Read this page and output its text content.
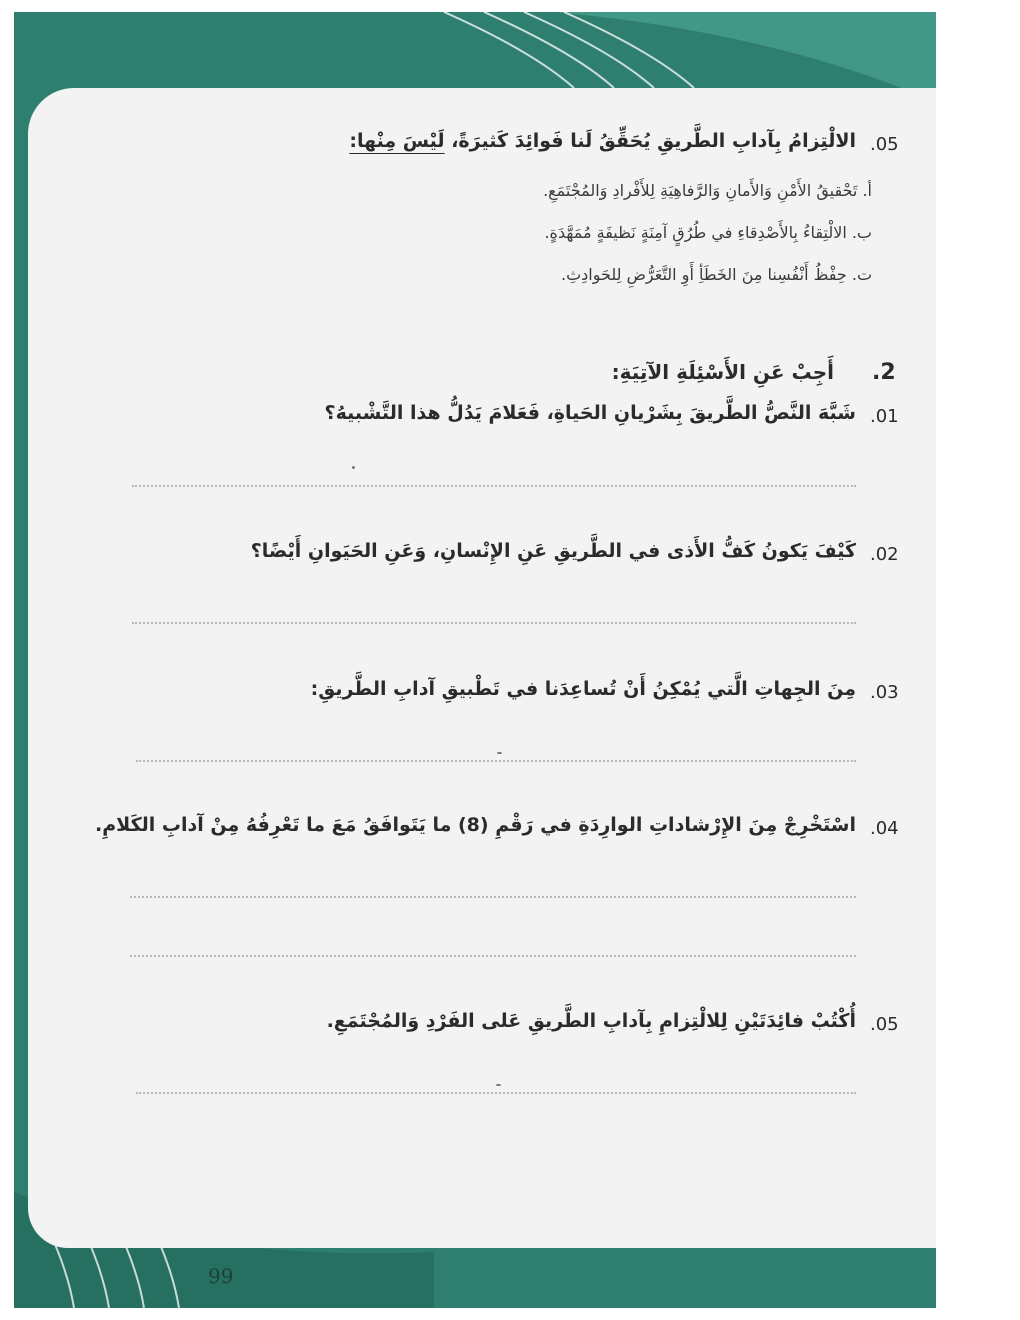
.05
الالْتِزامُ بِآدابِ الطَّريقِ يُحَقِّقُ لَنا فَوائِدَ كَثيرَةً، لَيْسَ مِنْها:
أ. تَحْقيقُ الأَمْنِ وَالأَمانِ وَالرَّفاهِيَةِ لِلأَفْرادِ وَالمُجْتَمَعِ.
ب. الالْتِقاءُ بِالأَصْدِقاءِ في طُرُقٍ آمِنَةٍ نَظيفَةٍ مُمَهَّدَةٍ.
ت. حِفْظُ أَنْفُسِنا مِنَ الخَطَأِ أَوِ التَّعَرُّضِ لِلحَوادِثِ.
.2
أَجِبْ عَنِ الأَسْئِلَةِ الآتِيَةِ:
.01
شَبَّهَ النَّصُّ الطَّريقَ بِشَرْيانِ الحَياةِ، فَعَلامَ يَدُلُّ هذا التَّشْبيهُ؟
.02
كَيْفَ يَكونُ كَفُّ الأَذى في الطَّريقِ عَنِ الإِنْسانِ، وَعَنِ الحَيَوانِ أَيْضًا؟
.03
مِنَ الجِهاتِ الَّتي يُمْكِنُ أَنْ تُساعِدَنا في تَطْبيقِ آدابِ الطَّريقِ:
.04
اسْتَخْرِجْ مِنَ الإِرْشاداتِ الوارِدَةِ في رَقْمِ (8) ما يَتَوافَقُ مَعَ ما تَعْرِفُهُ مِنْ آدابِ الكَلامِ.
.05
أُكْتُبْ فائِدَتَيْنِ لِلالْتِزامِ بِآدابِ الطَّريقِ عَلى الفَرْدِ وَالمُجْتَمَعِ.
99
